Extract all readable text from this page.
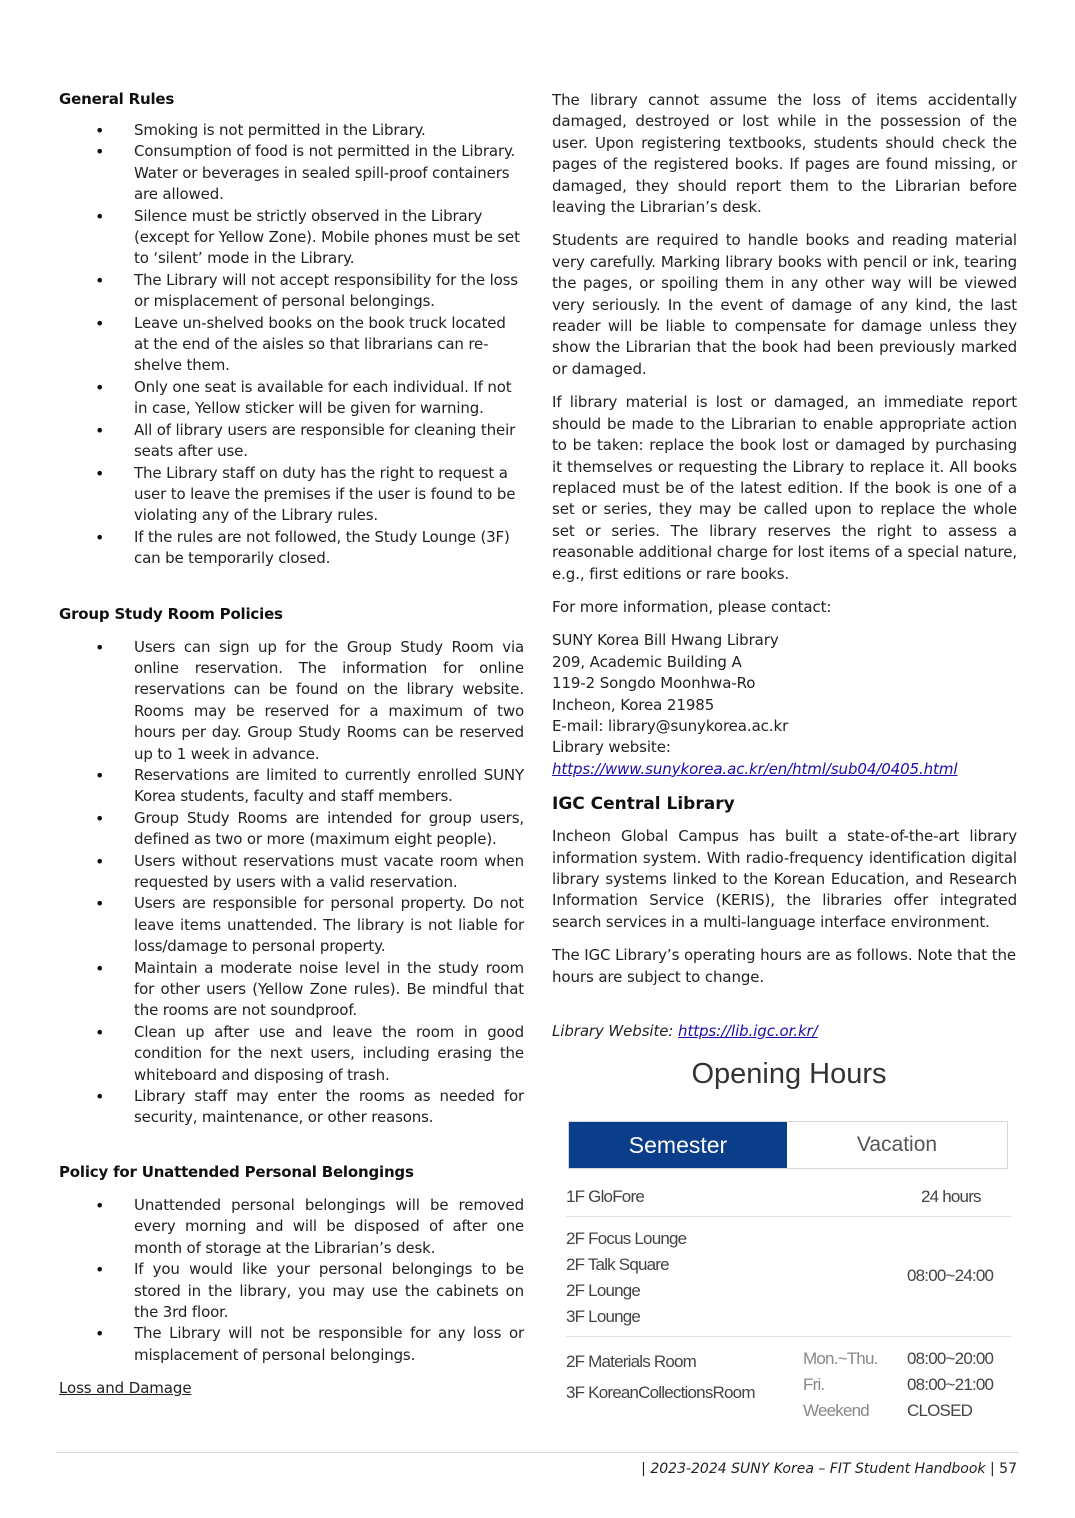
General Rules
• Smoking is not permitted in the Library.
• Consumption of food is not permitted in the Library. Water or beverages in sealed spill-proof containers are allowed.
• Silence must be strictly observed in the Library (except for Yellow Zone). Mobile phones must be set to ‘silent’ mode in the Library.
• The Library will not accept responsibility for the loss or misplacement of personal belongings.
• Leave un-shelved books on the book truck located at the end of the aisles so that librarians can re-shelve them.
• Only one seat is available for each individual. If not in case, Yellow sticker will be given for warning.
• All of library users are responsible for cleaning their seats after use.
• The Library staff on duty has the right to request a user to leave the premises if the user is found to be violating any of the Library rules.
• If the rules are not followed, the Study Lounge (3F) can be temporarily closed.
Group Study Room Policies
• Users can sign up for the Group Study Room via online reservation. The information for online reservations can be found on the library website. Rooms may be reserved for a maximum of two hours per day. Group Study Rooms can be reserved up to 1 week in advance.
• Reservations are limited to currently enrolled SUNY Korea students, faculty and staff members.
• Group Study Rooms are intended for group users, defined as two or more (maximum eight people).
• Users without reservations must vacate room when requested by users with a valid reservation.
• Users are responsible for personal property. Do not leave items unattended. The library is not liable for loss/damage to personal property.
• Maintain a moderate noise level in the study room for other users (Yellow Zone rules). Be mindful that the rooms are not soundproof.
• Clean up after use and leave the room in good condition for the next users, including erasing the whiteboard and disposing of trash.
• Library staff may enter the rooms as needed for security, maintenance, or other reasons.
Policy for Unattended Personal Belongings
• Unattended personal belongings will be removed every morning and will be disposed of after one month of storage at the Librarian’s desk.
• If you would like your personal belongings to be stored in the library, you may use the cabinets on the 3rd floor.
• The Library will not be responsible for any loss or misplacement of personal belongings.
Loss and Damage

The library cannot assume the loss of items accidentally damaged, destroyed or lost while in the possession of the user. Upon registering textbooks, students should check the pages of the registered books. If pages are found missing, or damaged, they should report them to the Librarian before leaving the Librarian’s desk.

Students are required to handle books and reading material very carefully. Marking library books with pencil or ink, tearing the pages, or spoiling them in any other way will be viewed very seriously. In the event of damage of any kind, the last reader will be liable to compensate for damage unless they show the Librarian that the book had been previously marked or damaged.

If library material is lost or damaged, an immediate report should be made to the Librarian to enable appropriate action to be taken: replace the book lost or damaged by purchasing it themselves or requesting the Library to replace it. All books replaced must be of the latest edition. If the book is one of a set or series, they may be called upon to replace the whole set or series. The library reserves the right to assess a reasonable additional charge for lost items of a special nature, e.g., first editions or rare books.

For more information, please contact:

SUNY Korea Bill Hwang Library
209, Academic Building A
119-2 Songdo Moonhwa-Ro
Incheon, Korea 21985
E-mail: library@sunykorea.ac.kr
Library website:
https://www.sunykorea.ac.kr/en/html/sub04/0405.html
IGC Central Library

Incheon Global Campus has built a state-of-the-art library information system. With radio-frequency identification digital library systems linked to the Korean Education, and Research Information Service (KERIS), the libraries offer integrated search services in a multi-language interface environment.

The IGC Library’s operating hours are as follows. Note that the hours are subject to change.

Library Website: https://lib.igc.or.kr/

Opening Hours
Semester	Vacation
1F GloFore	24 hours
2F Focus Lounge
2F Talk Square
2F Lounge
3F Lounge
08:00~24:00
2F Materials Room
3F KoreanCollectionsRoom
Mon.~Thu.
Fri.
Weekend
08:00~20:00
08:00~21:00
CLOSED
| 2023-2024 SUNY Korea – FIT Student Handbook | 57
